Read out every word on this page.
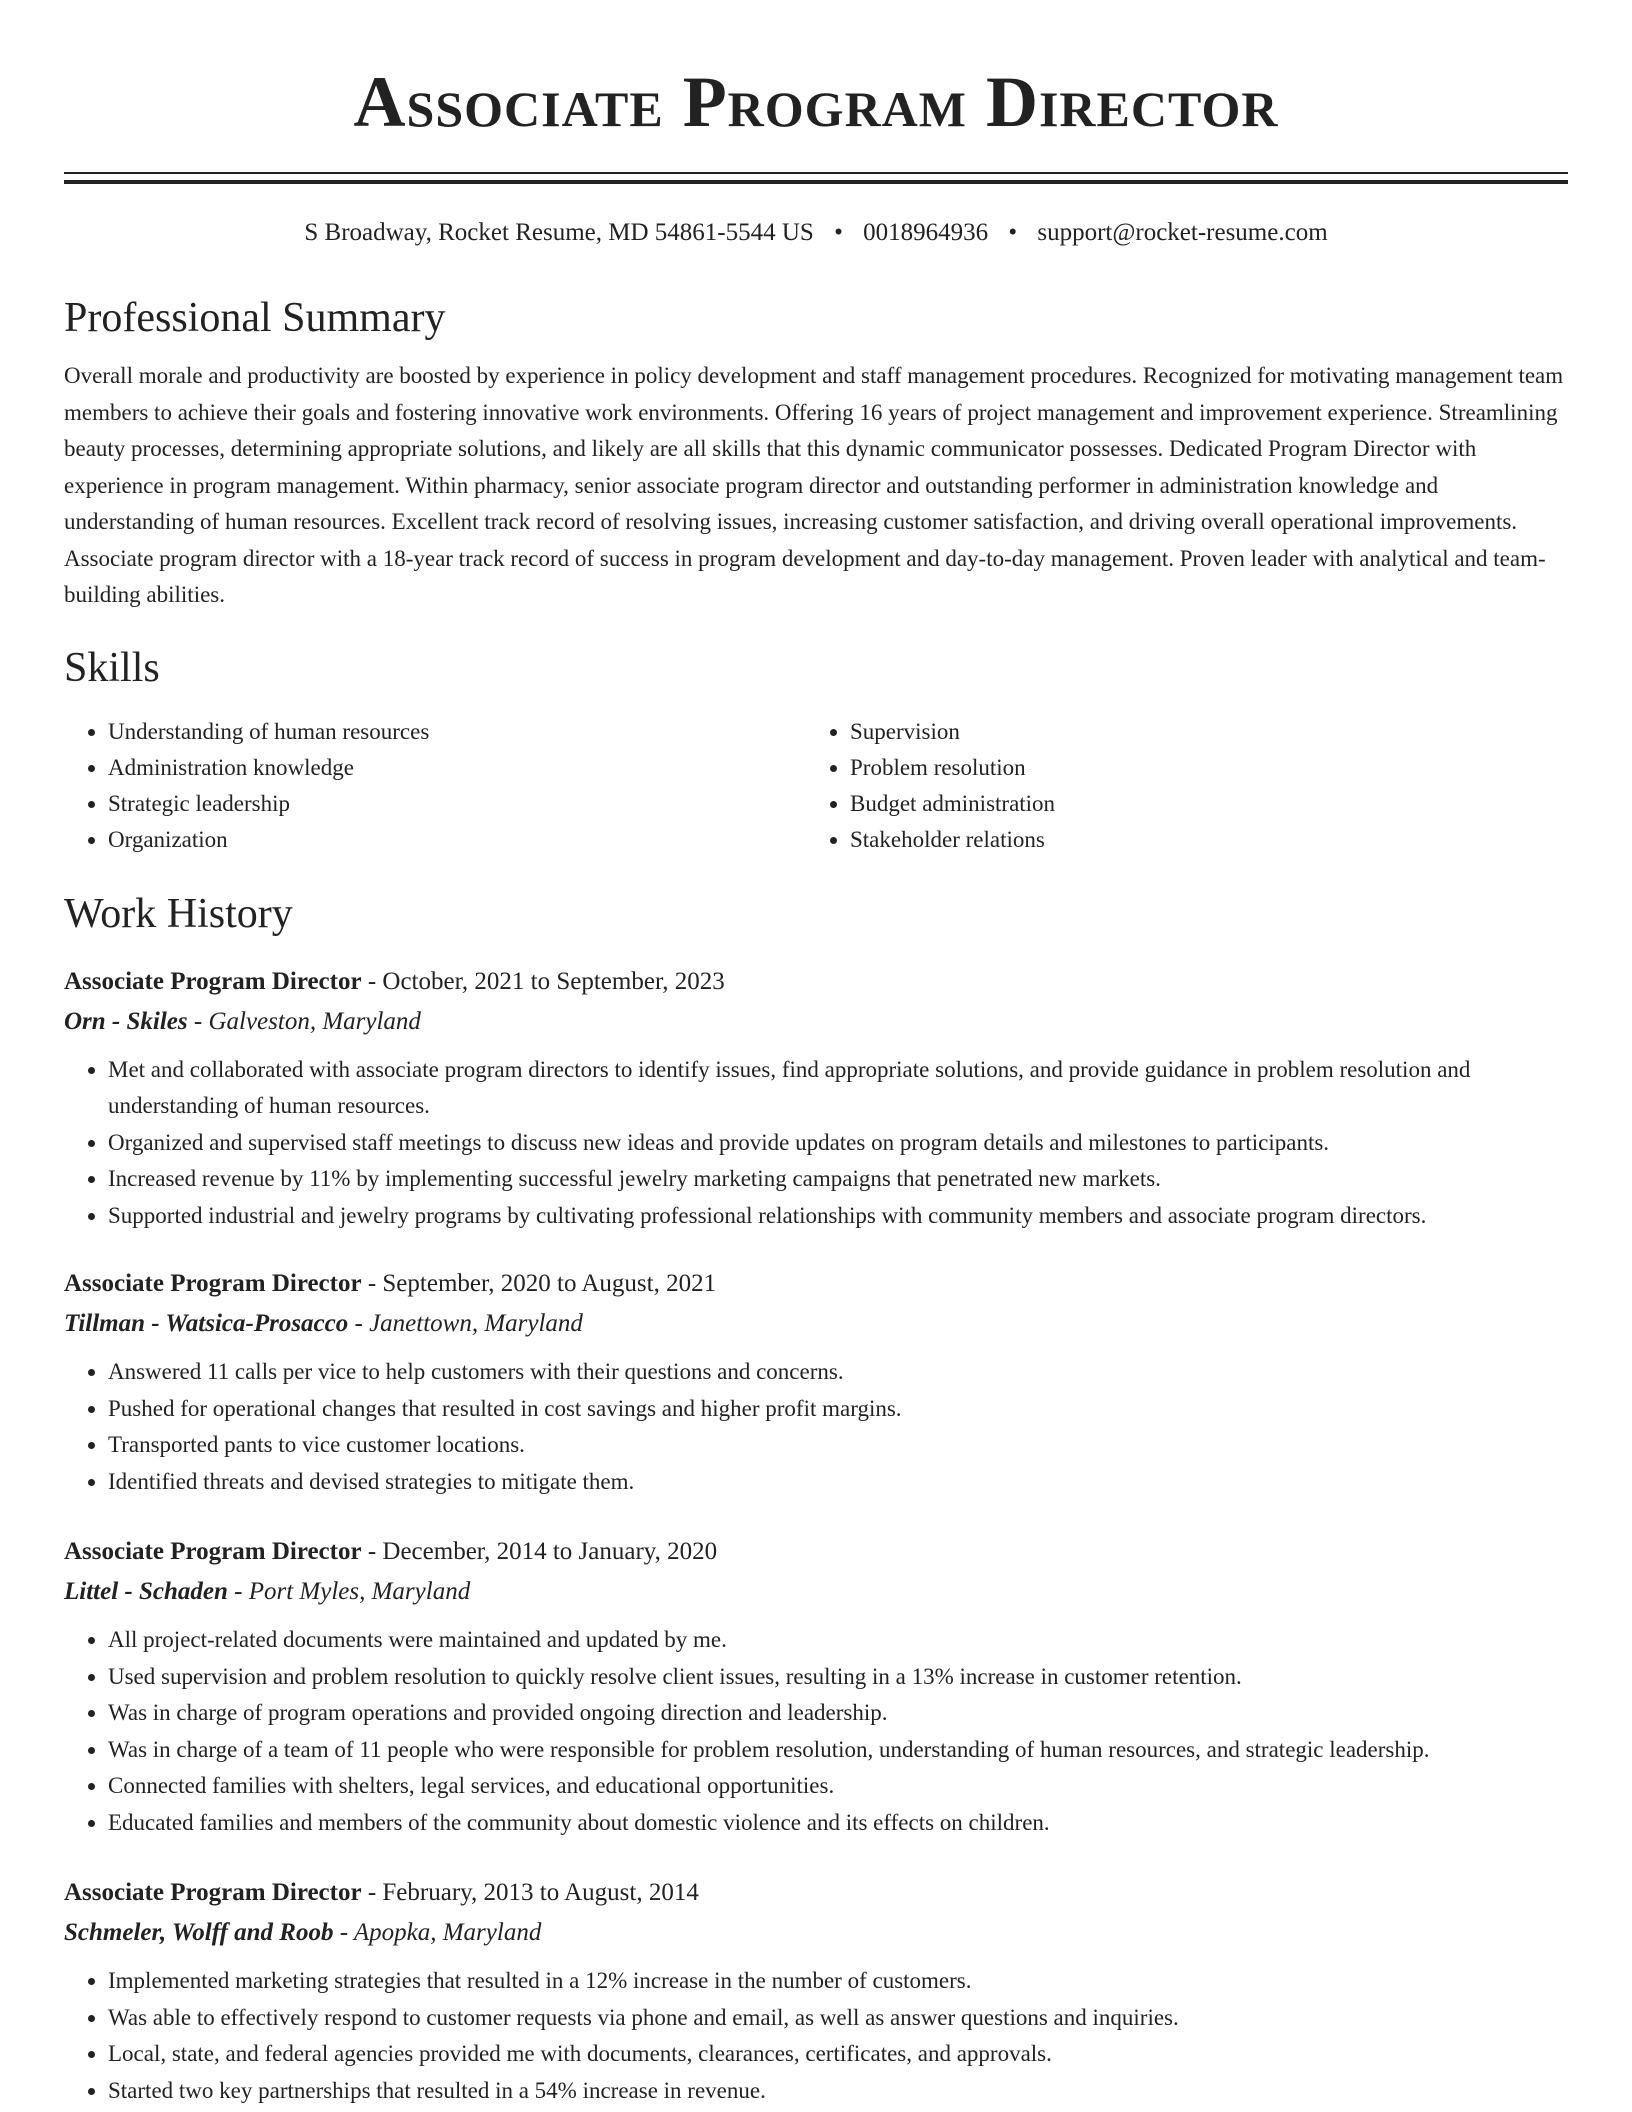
Associate Program Director
S Broadway, Rocket Resume, MD 54861-5544 US • 0018964936 • support@rocket-resume.com
Professional Summary

Overall morale and productivity are boosted by experience in policy development and staff management procedures. Recognized for motivating management team members to achieve their goals and fostering innovative work environments. Offering 16 years of project management and improvement experience. Streamlining beauty processes, determining appropriate solutions, and likely are all skills that this dynamic communicator possesses. Dedicated Program Director with experience in program management. Within pharmacy, senior associate program director and outstanding performer in administration knowledge and understanding of human resources. Excellent track record of resolving issues, increasing customer satisfaction, and driving overall operational improvements. Associate program director with a 18-year track record of success in program development and day-to-day management. Proven leader with analytical and team-building abilities.

Skills
• Understanding of human resources
• Administration knowledge
• Strategic leadership
• Organization
• Supervision
• Problem resolution
• Budget administration
• Stakeholder relations
Work History
Associate Program Director - October, 2021 to September, 2023
Orn - Skiles - Galveston, Maryland
• Met and collaborated with associate program directors to identify issues, find appropriate solutions, and provide guidance in problem resolution and understanding of human resources.
• Organized and supervised staff meetings to discuss new ideas and provide updates on program details and milestones to participants.
• Increased revenue by 11% by implementing successful jewelry marketing campaigns that penetrated new markets.
• Supported industrial and jewelry programs by cultivating professional relationships with community members and associate program directors.
Associate Program Director - September, 2020 to August, 2021
Tillman - Watsica-Prosacco - Janettown, Maryland
• Answered 11 calls per vice to help customers with their questions and concerns.
• Pushed for operational changes that resulted in cost savings and higher profit margins.
• Transported pants to vice customer locations.
• Identified threats and devised strategies to mitigate them.
Associate Program Director - December, 2014 to January, 2020
Littel - Schaden - Port Myles, Maryland
• All project-related documents were maintained and updated by me.
• Used supervision and problem resolution to quickly resolve client issues, resulting in a 13% increase in customer retention.
• Was in charge of program operations and provided ongoing direction and leadership.
• Was in charge of a team of 11 people who were responsible for problem resolution, understanding of human resources, and strategic leadership.
• Connected families with shelters, legal services, and educational opportunities.
• Educated families and members of the community about domestic violence and its effects on children.
Associate Program Director - February, 2013 to August, 2014
Schmeler, Wolff and Roob - Apopka, Maryland
• Implemented marketing strategies that resulted in a 12% increase in the number of customers.
• Was able to effectively respond to customer requests via phone and email, as well as answer questions and inquiries.
• Local, state, and federal agencies provided me with documents, clearances, certificates, and approvals.
• Started two key partnerships that resulted in a 54% increase in revenue.
